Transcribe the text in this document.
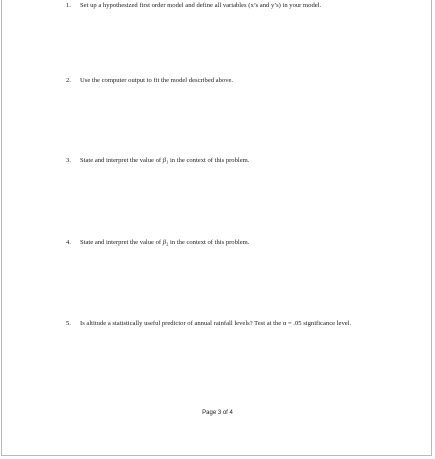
1. Set up a hypothesized first order model and define all variables (x’s and y’s) in your model.
2. Use the computer output to fit the model described above.
3. State and interpret the value of $\beta_1$ in the context of this problem.
4. State and interpret the value of $\beta_2$ in the context of this problem.
5. Is altitude a statistically useful predictor of annual rainfall levels? Test at the α = .05 significance level.
Page 3 of 4
